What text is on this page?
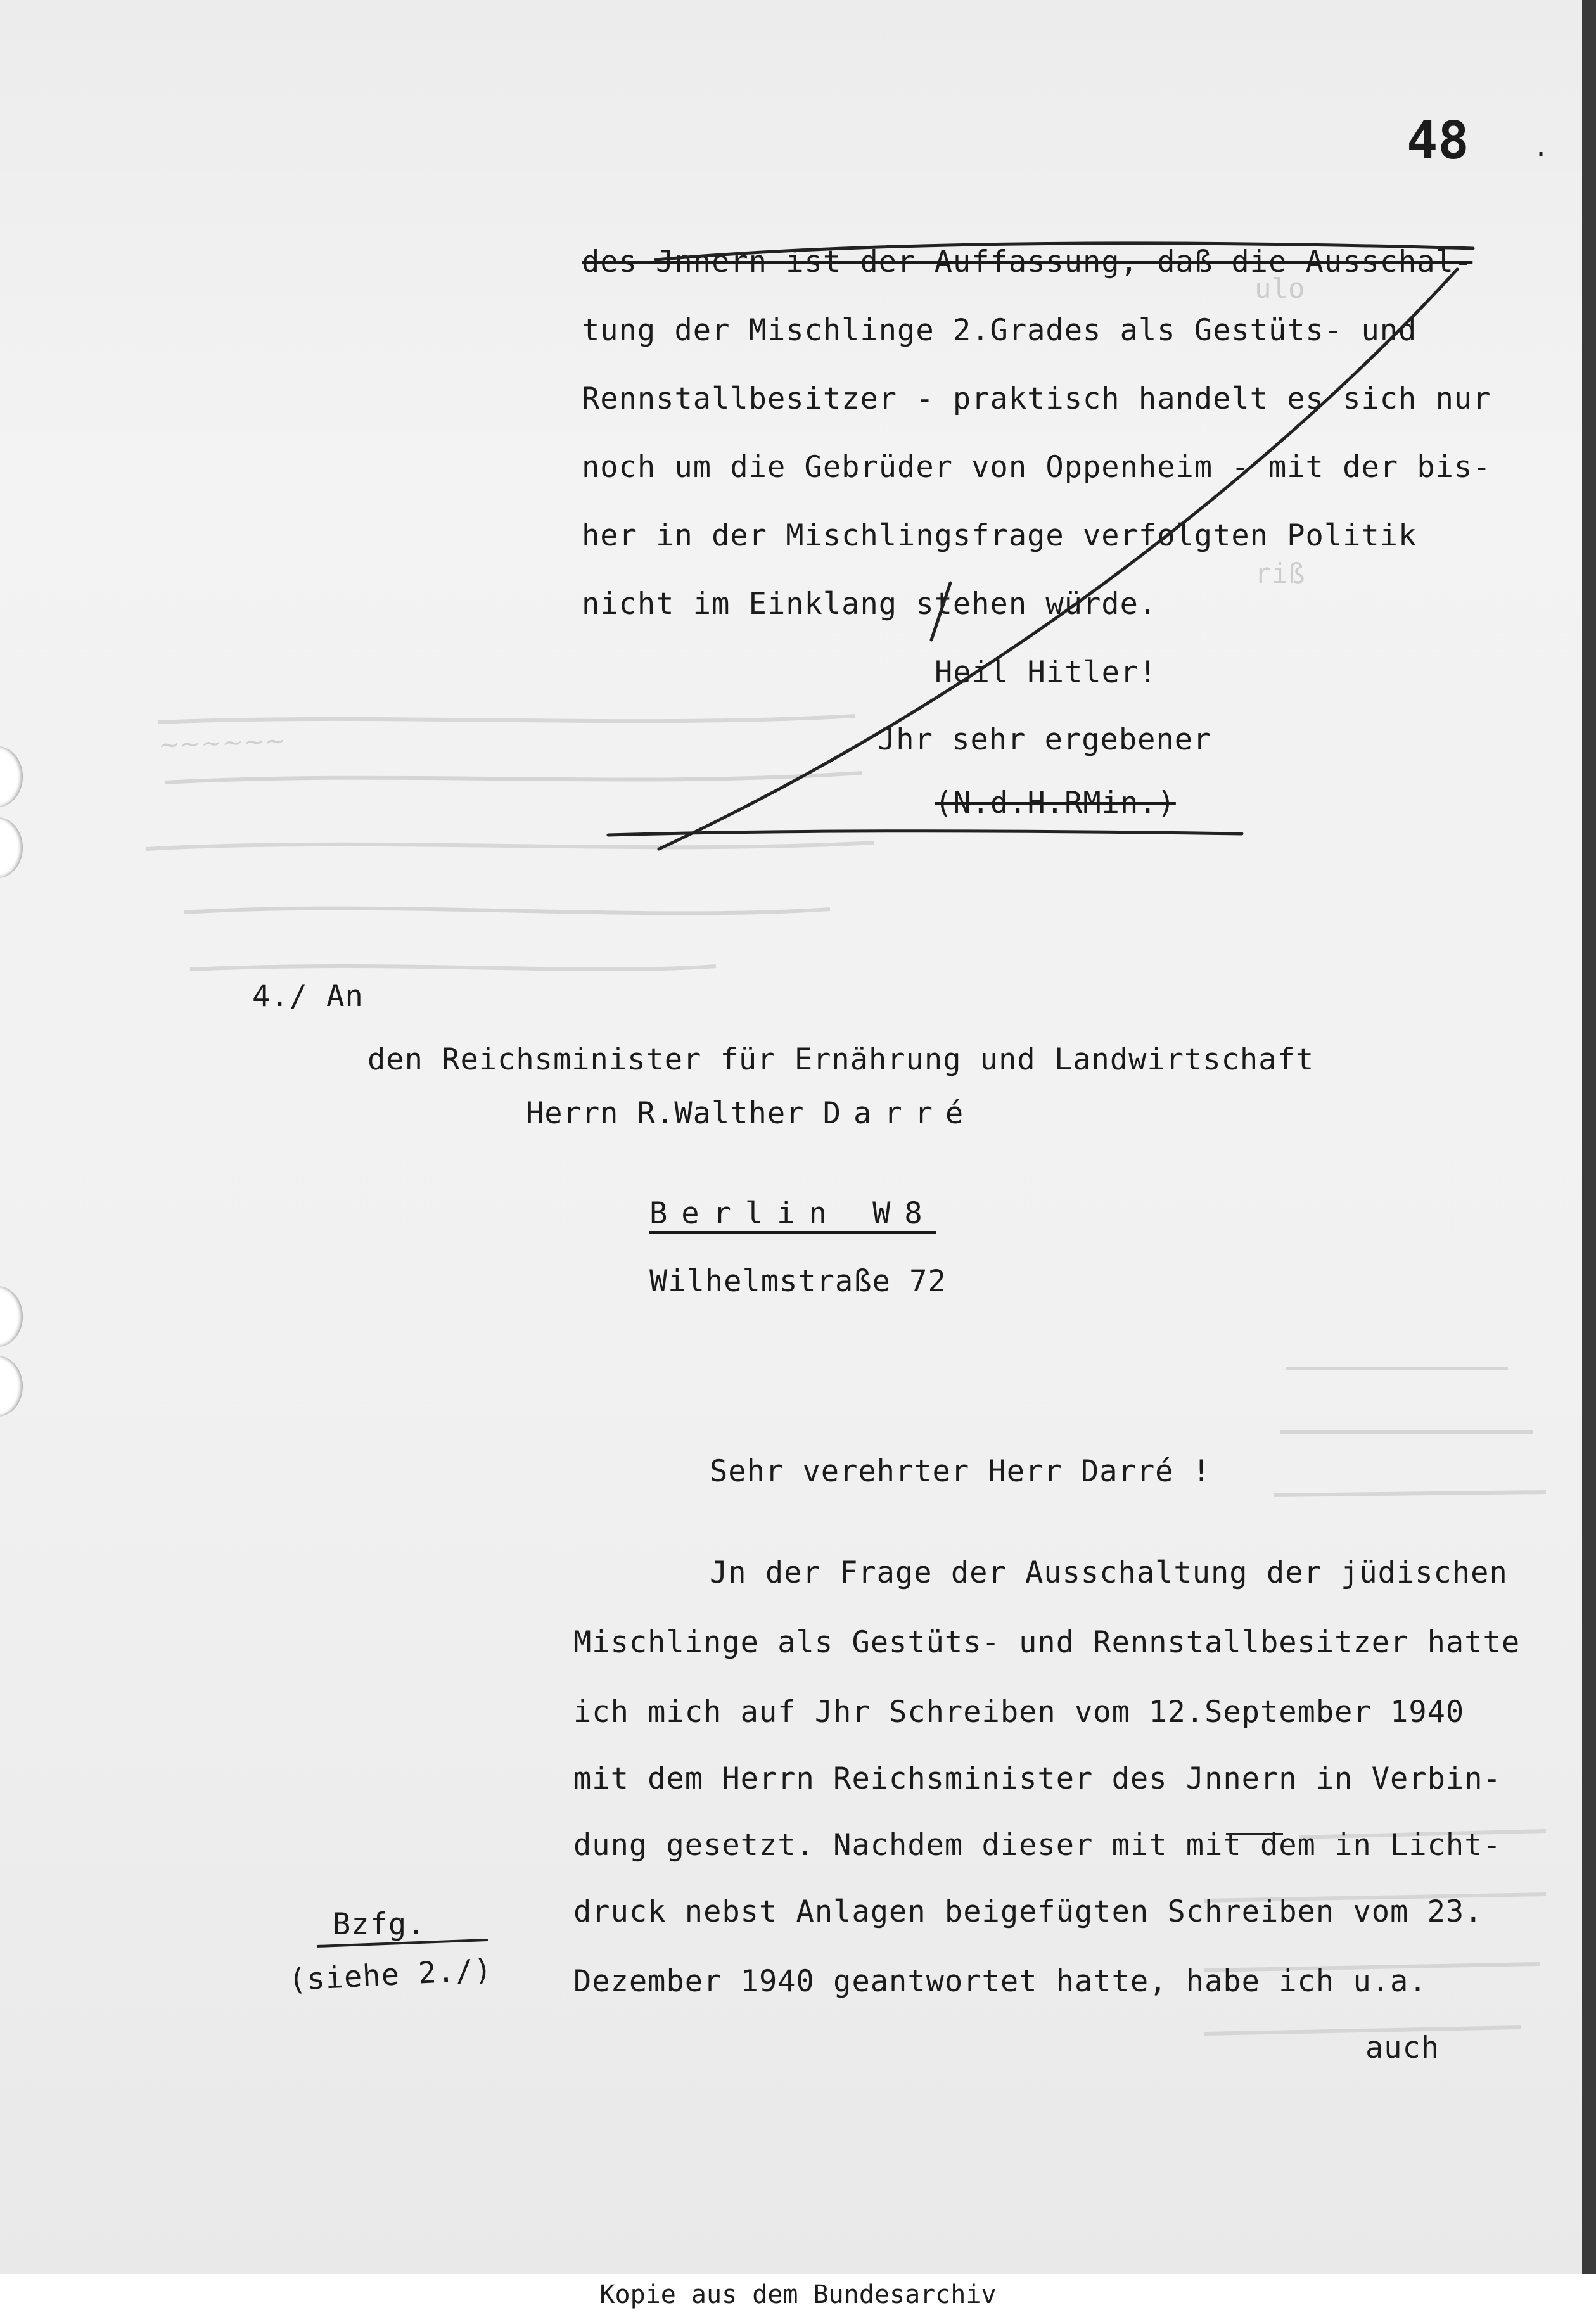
48	.
des Jnnern ist der Auffassung, daß die Ausschal-
tung der Mischlinge 2.Grades als Gestüts- und
Rennstallbesitzer - praktisch handelt es sich nur
noch um die Gebrüder von Oppenheim - mit der bis-
her in der Mischlingsfrage verfolgten Politik
nicht im Einklang stehen würde.
Heil Hitler!
Jhr sehr ergebener
(N.d.H.RMin.)
ulo
riß
~~~~~~
4./ An
den Reichsminister für Ernährung und Landwirtschaft
Herrn R.Walther Darré
Berlin W8
Wilhelmstraße 72
Sehr verehrter Herr Darré !
Jn der Frage der Ausschaltung der jüdischen
Mischlinge als Gestüts- und Rennstallbesitzer hatte
ich mich auf Jhr Schreiben vom 12.September 1940
mit dem Herrn Reichsminister des Jnnern in Verbin-
dung gesetzt. Nachdem dieser mit mit dem in Licht-
druck nebst Anlagen beigefügten Schreiben vom 23.
Dezember 1940 geantwortet hatte, habe ich u.a.
auch
Bzfg.
(siehe 2./)
Kopie aus dem Bundesarchiv
